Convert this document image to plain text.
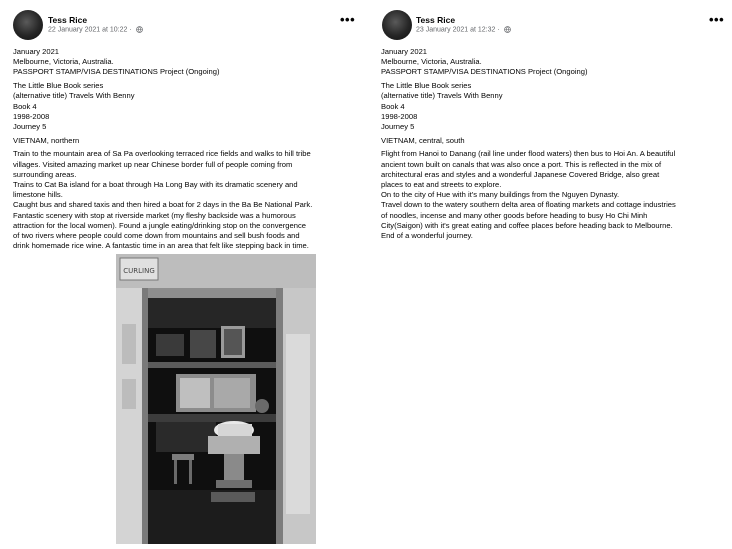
Tess Rice
22 January 2021 at 10:22 ·
•••
January 2021
Melbourne, Victoria, Australia.
PASSPORT STAMP/VISA DESTINATIONS Project (Ongoing)
The Little Blue Book series
(alternative title) Travels With Benny
Book 4
1998-2008
Journey 5
VIETNAM, northern
Train to the mountain area of Sa Pa overlooking terraced rice fields and walks to hill tribe
villages. Visited amazing market up near Chinese border full of people coming from
surrounding areas.
Trains to Cat Ba island for a boat through Ha Long Bay with its dramatic scenery and
limestone hills.
Caught bus and shared taxis and then hired a boat for 2 days in the Ba Be National Park.
Fantastic scenery with stop at riverside market (my fleshy backside was a humorous
attraction for the local women). Found a jungle eating/drinking stop on the convergence
of two rivers where people could come down from mountains and sell bush foods and
drink homemade rice wine. A fantastic time in an area that felt like stepping back in time.
CURLING
Tess Rice
23 January 2021 at 12:32 ·
•••
January 2021
Melbourne, Victoria, Australia.
PASSPORT STAMP/VISA DESTINATIONS Project (Ongoing)
The Little Blue Book series
(alternative title) Travels With Benny
Book 4
1998-2008
Journey 5
VIETNAM, central, south
Flight from Hanoi to Danang (rail line under flood waters) then bus to Hoi An. A beautiful
ancient town built on canals that was also once a port. This is reflected in the mix of
architectural eras and styles and a wonderful Japanese Covered Bridge, also great
places to eat and streets to explore.
On to the city of Hue with it's many buildings from the Nguyen Dynasty.
Travel down to the watery southern delta area of floating markets and cottage industries
of noodles, incense and many other goods before heading to busy Ho Chi Minh
City(Saigon) with it's great eating and coffee places before heading back to Melbourne.
End of a wonderful journey.
